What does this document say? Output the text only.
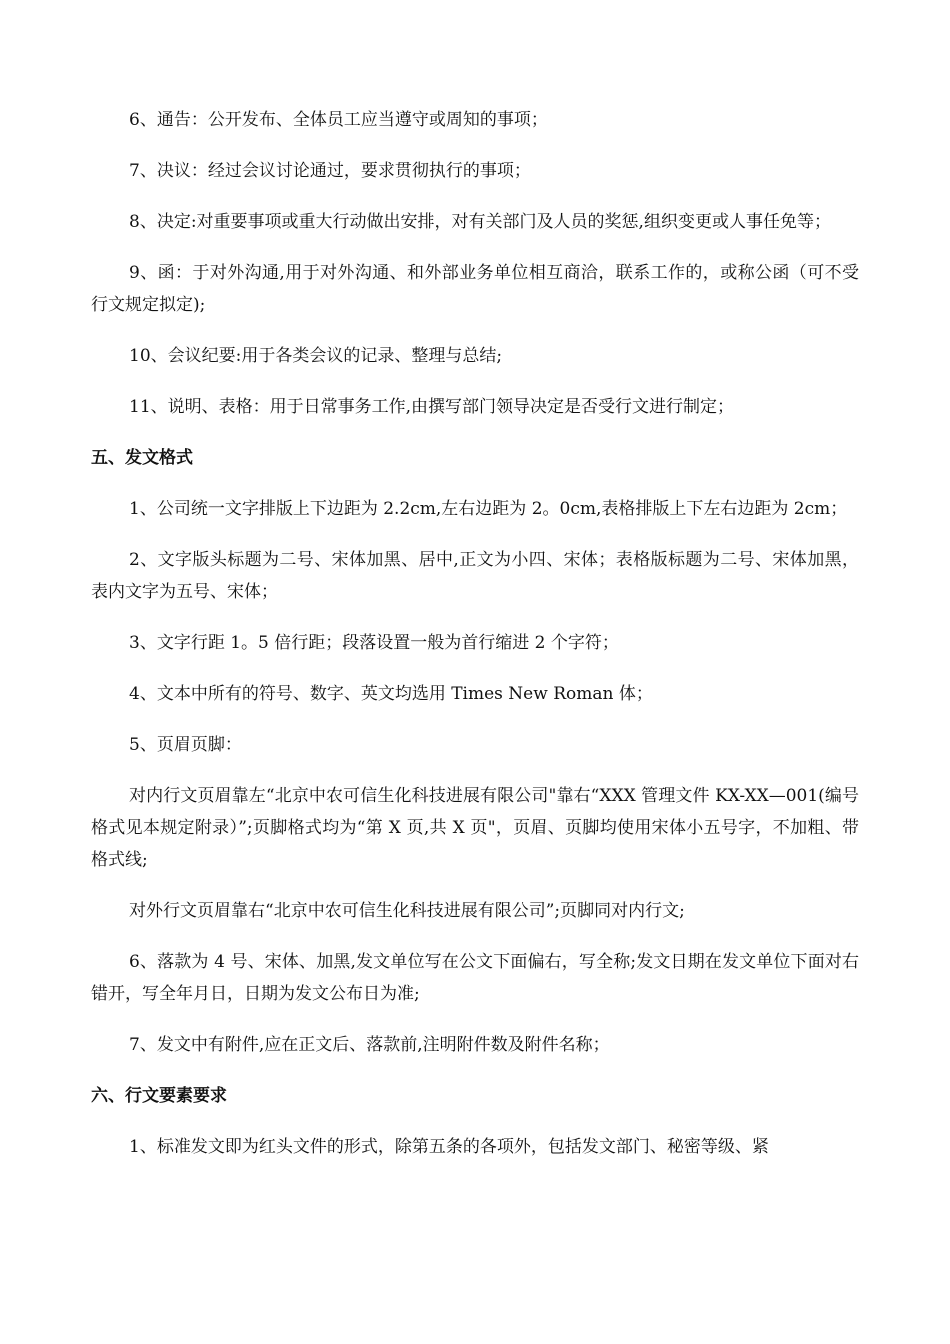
6、通告：公开发布、全体员工应当遵守或周知的事项；

7、决议：经过会议讨论通过，要求贯彻执行的事项；

8、决定:对重要事项或重大行动做出安排，对有关部门及人员的奖惩,组织变更或人事任免等；

9、函：于对外沟通,用于对外沟通、和外部业务单位相互商洽，联系工作的，或称公函（可不受行文规定拟定);

10、会议纪要:用于各类会议的记录、整理与总结;

11、说明、表格：用于日常事务工作,由撰写部门领导决定是否受行文进行制定；

五、发文格式

1、公司统一文字排版上下边距为 2.2cm,左右边距为 2。0cm,表格排版上下左右边距为 2cm；

2、文字版头标题为二号、宋体加黑、居中,正文为小四、宋体；表格版标题为二号、宋体加黑，表内文字为五号、宋体；

3、文字行距 1。5 倍行距；段落设置一般为首行缩进 2 个字符；

4、文本中所有的符号、数字、英文均选用 Times New Roman 体；

5、页眉页脚：

对内行文页眉靠左“北京中农可信生化科技进展有限公司"靠右“XXX 管理文件 KX-XX—001(编号格式见本规定附录）”;页脚格式均为“第 X 页,共 X 页"，页眉、页脚均使用宋体小五号字，不加粗、带格式线;

对外行文页眉靠右“北京中农可信生化科技进展有限公司”;页脚同对内行文;

6、落款为 4 号、宋体、加黑,发文单位写在公文下面偏右，写全称;发文日期在发文单位下面对右错开，写全年月日，日期为发文公布日为准;

7、发文中有附件,应在正文后、落款前,注明附件数及附件名称；

六、行文要素要求

1、标准发文即为红头文件的形式，除第五条的各项外，包括发文部门、秘密等级、紧
